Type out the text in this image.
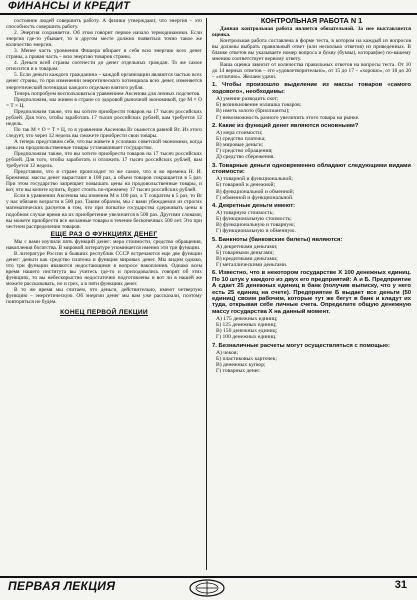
ФИНАНСЫ И КРЕДИТ

состояние людей совершить работу. А физики утверждают, что энергия – это способность совершить работу.

2. Энергия сохраняется. Об этом говорит первое начало термодинамики. Если энергия где-то убывает, то в другом месте должно появиться точно такое же количество энергии.

3. Менее часть уровнения Фишера вбирает в себя всю энергию всех денег страны, а правая часть – всю энергию товаров страны.

4. Деньги всей страны соотнести до денег отдельных граждан. То же самое относится и к товарам.

5. Если деньги каждого гражданина – каждой организации являются частью всех денег страны, то при изменении энергетического потенциала всех денег, изменяется энергетический потенциал каждого отдельно взятого рубля.

Теперь попробуем воспользоваться уравнением Аксенова для личных подсчетов.

Предположим, мы живем в стране со здоровой рыночной экономикой, где М × О = Т × Ц.

Предположим также, что вы хотите приобрести товаров на 17 тысяч российских рублей. Для того, чтобы заработать 17 тысяч российских рублей, вам требуется 12 недель.

По так М × О = Т × Ц, то в уравнении Аксенова Вr окажется равной Вт. Из этого следует, что через 12 недель вы сможете приобрести свои товары.

А теперь представим себе, что вы живете в условиях советской экономики, когда цены на продовольственные товары устанавливает государство.

Предположим также, что вы хотите приобрести товаров на 17 тысяч российских рублей. Для того, чтобы заработать и отложить 17 тысяч российских рублей, вам требуется 12 недель.

Представим, что в стране происходит то же самое, что и во времена Н. И. Брежнева: массы денег вырастают в 100 раз, а объем товаров сокращается в 5 раз. При этом государство запрещает повышать цены на продовольственные товары, и вот, что вы копите купить, будет стоить по-прежнему 17 тысяч российских рублей.

Если в уравнении Аксенова мы изменим М в 100 раз, а Т сократим в 5 раз, то Вr у нас обязано возрасти в 500 раз. Таким образом, мы с вами убеждаемся из строгих математических расчетов в том, что при попытке государства сдерживать цены в подобном случае время на их приобретение увеличится в 500 раз. Другими словами, вы можете приобрести все желанные товары в течение бесконечных 500 лет. Это при честном распределении товаров.

ЕЩЕ РАЗ О ФУНКЦИЯХ ДЕНЕГ

Мы с вами изучили пять функций денег: мера стоимости, средство обращения, накопления богатства. В мировой литературе упоминается именно эти три функции.

В литературе России и бывших республик СССР встречаются еще две функции денег: деньги как средство платежа и функция мировых денег. Мы видим однако, что три функции являются недостающими в вопросе накопления. Однако всем время нашего института вы учитесь где-то и приходовались говорят об этих функциях, то вы небескорыстно недостаточно подготовлены и вот ли в нашей же можете рассказывать, но и грех, а в пяти функциях денег.

В то же время мы считаем, что деньги, действительно, имеют четвертую функцию – энергетическую. Об энергии денег мы вам уже рассказали, поэтому повторяться не будем.

КОНЕЦ ПЕРВОЙ ЛЕКЦИИ
КОНТРОЛЬНАЯ РАБОТА N 1

Данная контрольная работа является обязательной. За нее выставляется оценка.

Контрольная работа составлена в форме теста, в котором на каждый из вопросов вы должны выбрать правильный ответ (или несколько ответов) из приведенных. В бланке ответов вы указываете номер вопроса и букву (буквы), которая(ие) по-вашему мнению соответствует верному ответу.

Ваша оценка зависит от количества правильных ответов на вопросы теста. От 10 до 14 верных ответов – это «удовлетворительно», от 15 до 17 – «хорошо», от 18 до 20 – «отлично». Желаем удачи.

1. Чтобы произошло выделение из массы товаров «самого ходового», необходимы:
А) умение разводить скот;
Б) возникновение излишка товаров;
В) иметь золото (бриллианты);
Г) невозможность разного увеличить этого товара на рынке.
2. Какие из функций денег являются основными?
А) мера стоимости;
Б) средство платежа;
В) мировые деньги;
Г) средство обращения;
Д) средство сбережения.
3. Товарные деньги одновременно обладают следующими видами стоимости:
А) товарной и функциональной;
Б) товарной и денежной;
В) функциональной и обменной;
Г) обменной и функциональной.
4. Декретные деньги имеют:
А) товарную стоимость;
Б) функциональную стоимость;
В) функциональную и товарную;
Г) функциональную и обменную.
5. Банкноты (банковские билеты) являются:
А) декретными деньгами;
Б) товарными деньгами;
В) кредитными деньгами;
Г) металлическими деньгами.
6. Известно, что в некотором государстве Х 100 денежных единиц. По 10 штук у каждого из двух его предприятий: А и Б. Предприятие А сдает 25 денежных единиц в банк (получив выписку, что у него есть 25 единиц на счете). Предприятие Б выдает все деньги (50 единиц) своим рабочим, которые тут же бегут в банк и кладут их туда, открывая себе личные счета. Определите общую денежную массу государства Х на данный момент.
А) 175 денежных единиц;
Б) 125 денежных единиц;
В) 150 денежных единиц;
Г) 100 денежных единиц.
7. Безналичные расчеты могут осуществляться с помощью:
А) чеков;
Б) пластиковых карточек;
В) денежных купюр;
Г) товарных денег.
ПЕРВАЯ ЛЕКЦИЯ	31
